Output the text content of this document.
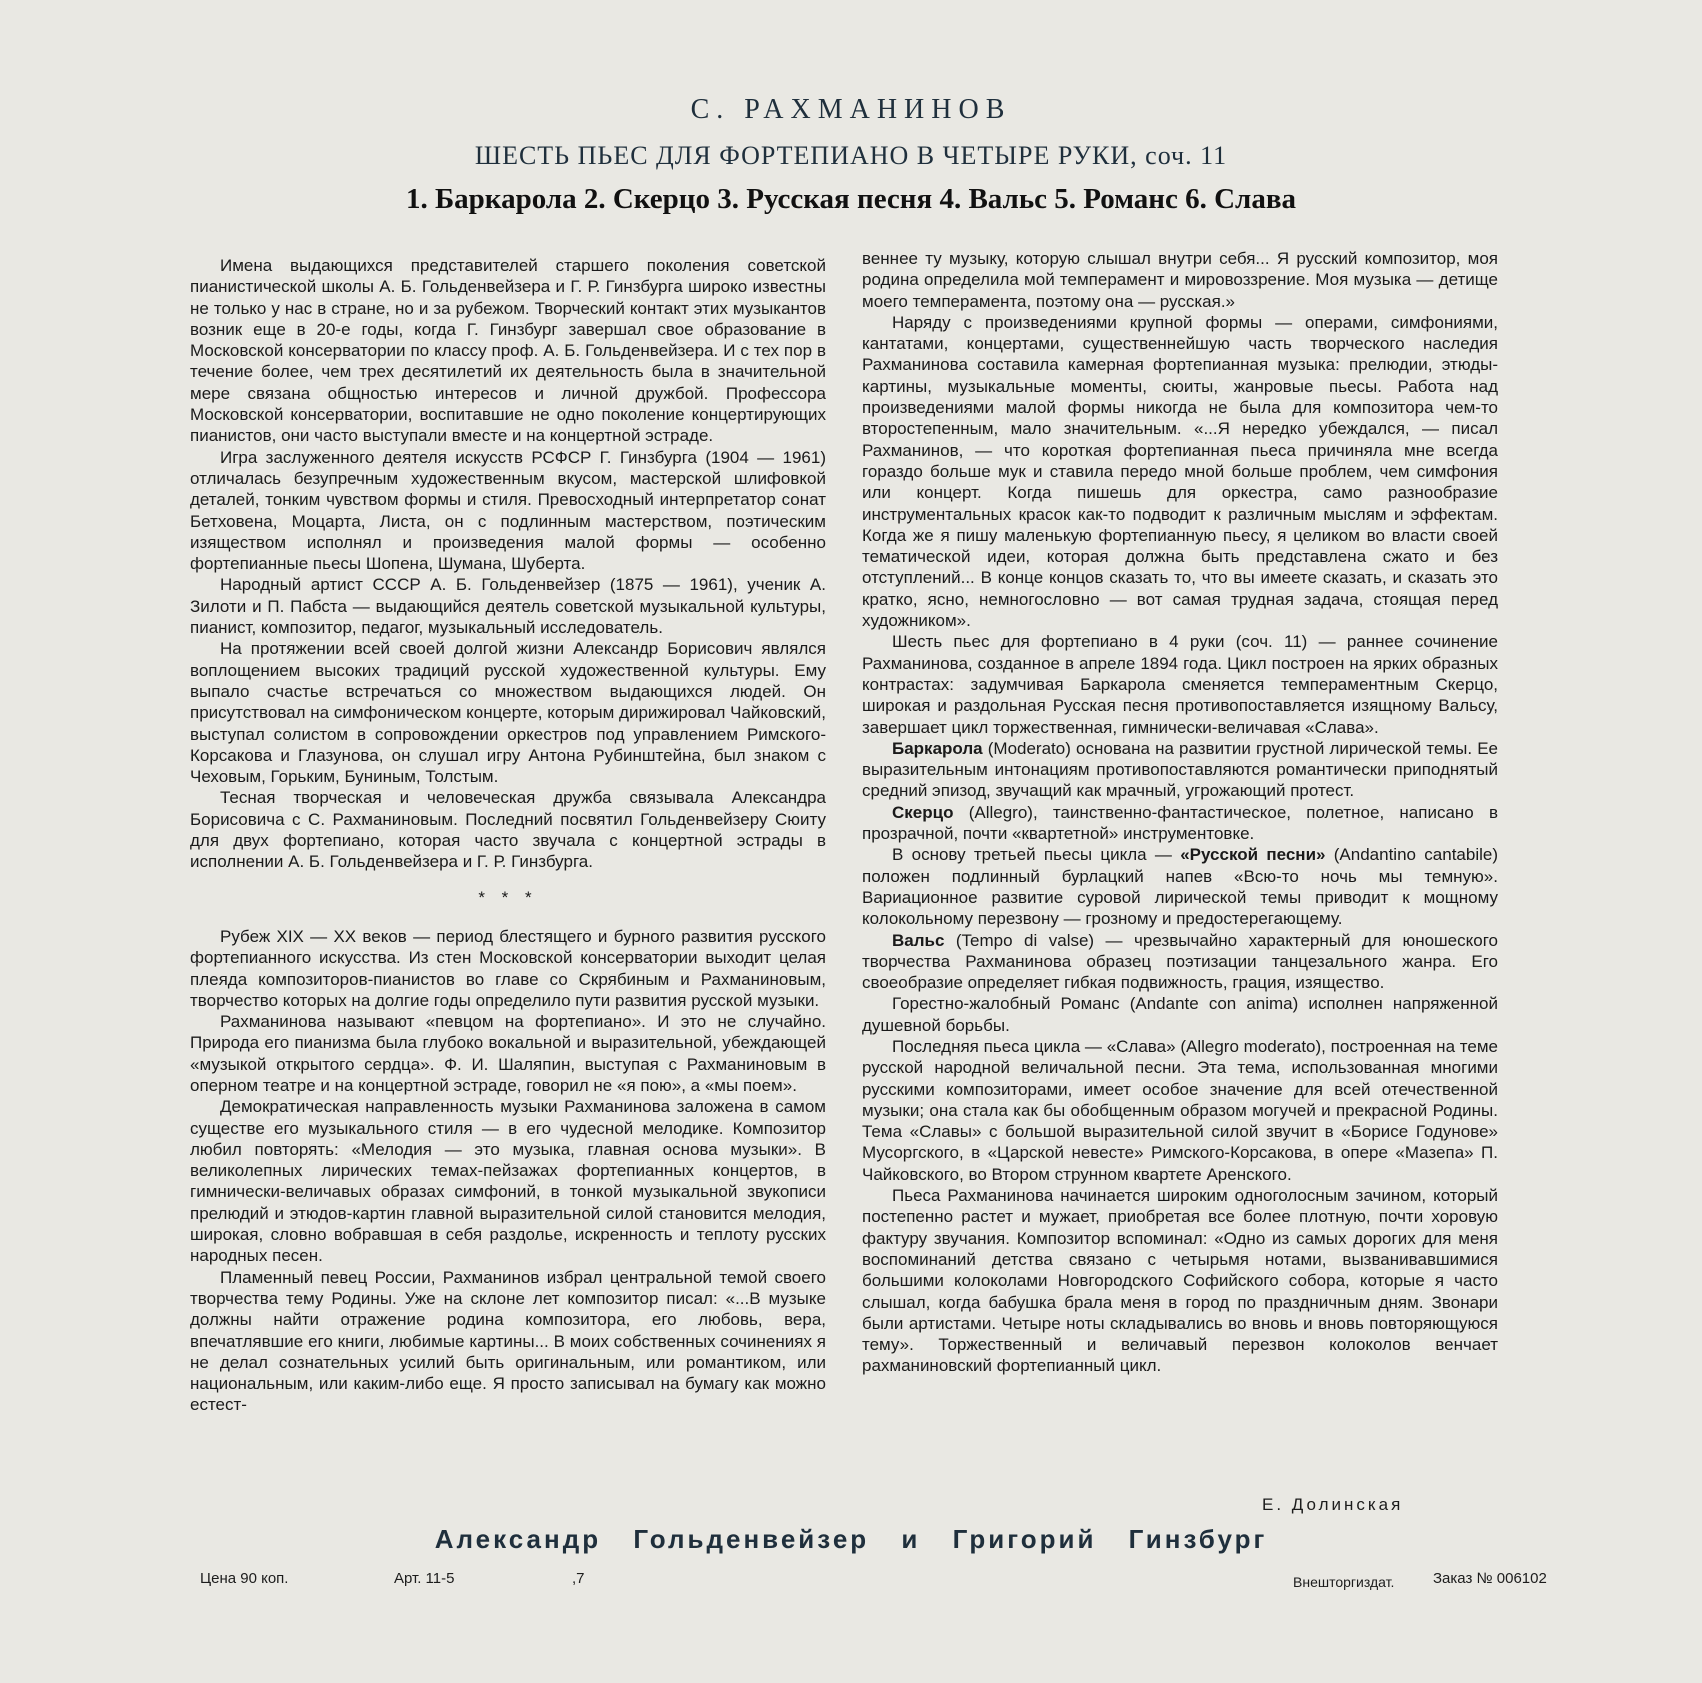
С. РАХМАНИНОВ
ШЕСТЬ ПЬЕС ДЛЯ ФОРТЕПИАНО В ЧЕТЫРЕ РУКИ, соч. 11
1. Баркарола 2. Скерцо 3. Русская песня 4. Вальс 5. Романс 6. Слава

Имена выдающихся представителей старшего поколения советской пианистической школы А. Б. Гольденвейзера и Г. Р. Гинзбурга широко известны не только у нас в стране, но и за рубежом. Творческий контакт этих музыкантов возник еще в 20-е годы, когда Г. Гинзбург завершал свое образование в Московской консерватории по классу проф. А. Б. Гольденвейзера. И с тех пор в течение более, чем трех десятилетий их деятельность была в значительной мере связана общностью интересов и личной дружбой. Профессора Московской консерватории, воспитавшие не одно поколение концертирующих пианистов, они часто выступали вместе и на концертной эстраде.

Игра заслуженного деятеля искусств РСФСР Г. Гинзбурга (1904 — 1961) отличалась безупречным художественным вкусом, мастерской шлифовкой деталей, тонким чувством формы и стиля. Превосходный интерпретатор сонат Бетховена, Моцарта, Листа, он с подлинным мастерством, поэтическим изяществом исполнял и произведения малой формы — особенно фортепианные пьесы Шопена, Шумана, Шуберта.

Народный артист СССР А. Б. Гольденвейзер (1875 — 1961), ученик А. Зилоти и П. Пабста — выдающийся деятель советской музыкальной культуры, пианист, композитор, педагог, музыкальный исследователь.

На протяжении всей своей долгой жизни Александр Борисович являлся воплощением высоких традиций русской художественной культуры. Ему выпало счастье встречаться со множеством выдающихся людей. Он присутствовал на симфоническом концерте, которым дирижировал Чайковский, выступал солистом в сопровождении оркестров под управлением Римского-Корсакова и Глазунова, он слушал игру Антона Рубинштейна, был знаком с Чеховым, Горьким, Буниным, Толстым.

Тесная творческая и человеческая дружба связывала Александра Борисовича с С. Рахманиновым. Последний посвятил Гольденвейзеру Сюиту для двух фортепиано, которая часто звучала с концертной эстрады в исполнении А. Б. Гольденвейзера и Г. Р. Гинзбурга.

* * *

Рубеж XIX — XX веков — период блестящего и бурного развития русского фортепианного искусства. Из стен Московской консерватории выходит целая плеяда композиторов-пианистов во главе со Скрябиным и Рахманиновым, творчество которых на долгие годы определило пути развития русской музыки.

Рахманинова называют «певцом на фортепиано». И это не случайно. Природа его пианизма была глубоко вокальной и выразительной, убеждающей «музыкой открытого сердца». Ф. И. Шаляпин, выступая с Рахманиновым в оперном театре и на концертной эстраде, говорил не «я пою», а «мы поем».

Демократическая направленность музыки Рахманинова заложена в самом существе его музыкального стиля — в его чудесной мелодике. Композитор любил повторять: «Мелодия — это музыка, главная основа музыки». В великолепных лирических темах-пейзажах фортепианных концертов, в гимнически-величавых образах симфоний, в тонкой музыкальной звукописи прелюдий и этюдов-картин главной выразительной силой становится мелодия, широкая, словно вобравшая в себя раздолье, искренность и теплоту русских народных песен.

Пламенный певец России, Рахманинов избрал центральной темой своего творчества тему Родины. Уже на склоне лет композитор писал: «...В музыке должны найти отражение родина композитора, его любовь, вера, впечатлявшие его книги, любимые картины... В моих собственных сочинениях я не делал сознательных усилий быть оригинальным, или романтиком, или национальным, или каким-либо еще. Я просто записывал на бумагу как можно естест-

веннее ту музыку, которую слышал внутри себя... Я русский композитор, моя родина определила мой темперамент и мировоззрение. Моя музыка — детище моего темперамента, поэтому она — русская.»

Наряду с произведениями крупной формы — операми, симфониями, кантатами, концертами, существеннейшую часть творческого наследия Рахманинова составила камерная фортепианная музыка: прелюдии, этюды-картины, музыкальные моменты, сюиты, жанровые пьесы. Работа над произведениями малой формы никогда не была для композитора чем-то второстепенным, мало значительным. «...Я нередко убеждался, — писал Рахманинов, — что короткая фортепианная пьеса причиняла мне всегда гораздо больше мук и ставила передо мной больше проблем, чем симфония или концерт. Когда пишешь для оркестра, само разнообразие инструментальных красок как-то подводит к различным мыслям и эффектам. Когда же я пишу маленькую фортепианную пьесу, я целиком во власти своей тематической идеи, которая должна быть представлена сжато и без отступлений... В конце концов сказать то, что вы имеете сказать, и сказать это кратко, ясно, немногословно — вот самая трудная задача, стоящая перед художником».

Шесть пьес для фортепиано в 4 руки (соч. 11) — раннее сочинение Рахманинова, созданное в апреле 1894 года. Цикл построен на ярких образных контрастах: задумчивая Баркарола сменяется темпераментным Скерцо, широкая и раздольная Русская песня противопоставляется изящному Вальсу, завершает цикл торжественная, гимнически-величавая «Слава».

Баркарола (Moderato) основана на развитии грустной лирической темы. Ее выразительным интонациям противопоставляются романтически приподнятый средний эпизод, звучащий как мрачный, угрожающий протест.

Скерцо (Allegro), таинственно-фантастическое, полетное, написано в прозрачной, почти «квартетной» инструментовке.

В основу третьей пьесы цикла — «Русской песни» (Andantino cantabile) положен подлинный бурлацкий напев «Всю-то ночь мы темную». Вариационное развитие суровой лирической темы приводит к мощному колокольному перезвону — грозному и предостерегающему.

Вальс (Tempo di valse) — чрезвычайно характерный для юношеского творчества Рахманинова образец поэтизации танцезального жанра. Его своеобразие определяет гибкая подвижность, грация, изящество.

Горестно-жалобный Романс (Andante con anima) исполнен напряженной душевной борьбы.

Последняя пьеса цикла — «Слава» (Allegro moderato), построенная на теме русской народной величальной песни. Эта тема, использованная многими русскими композиторами, имеет особое значение для всей отечественной музыки; она стала как бы обобщенным образом могучей и прекрасной Родины. Тема «Славы» с большой выразительной силой звучит в «Борисе Годунове» Мусоргского, в «Царской невесте» Римского-Корсакова, в опере «Мазепа» П. Чайковского, во Втором струнном квартете Аренского.

Пьеса Рахманинова начинается широким одноголосным зачином, который постепенно растет и мужает, приобретая все более плотную, почти хоровую фактуру звучания. Композитор вспоминал: «Одно из самых дорогих для меня воспоминаний детства связано с четырьмя нотами, вызванивавшимися большими колоколами Новгородского Софийского собора, которые я часто слышал, когда бабушка брала меня в город по праздничным дням. Звонари были артистами. Четыре ноты складывались во вновь и вновь повторяющуюся тему». Торжественный и величавый перезвон колоколов венчает рахманиновский фортепианный цикл.

Е. Долинская
Александр Гольденвейзер и Григорий Гинзбург
Цена 90 коп.	Арт. 11-5	,7	Внешторгиздат.	Заказ № 006102
